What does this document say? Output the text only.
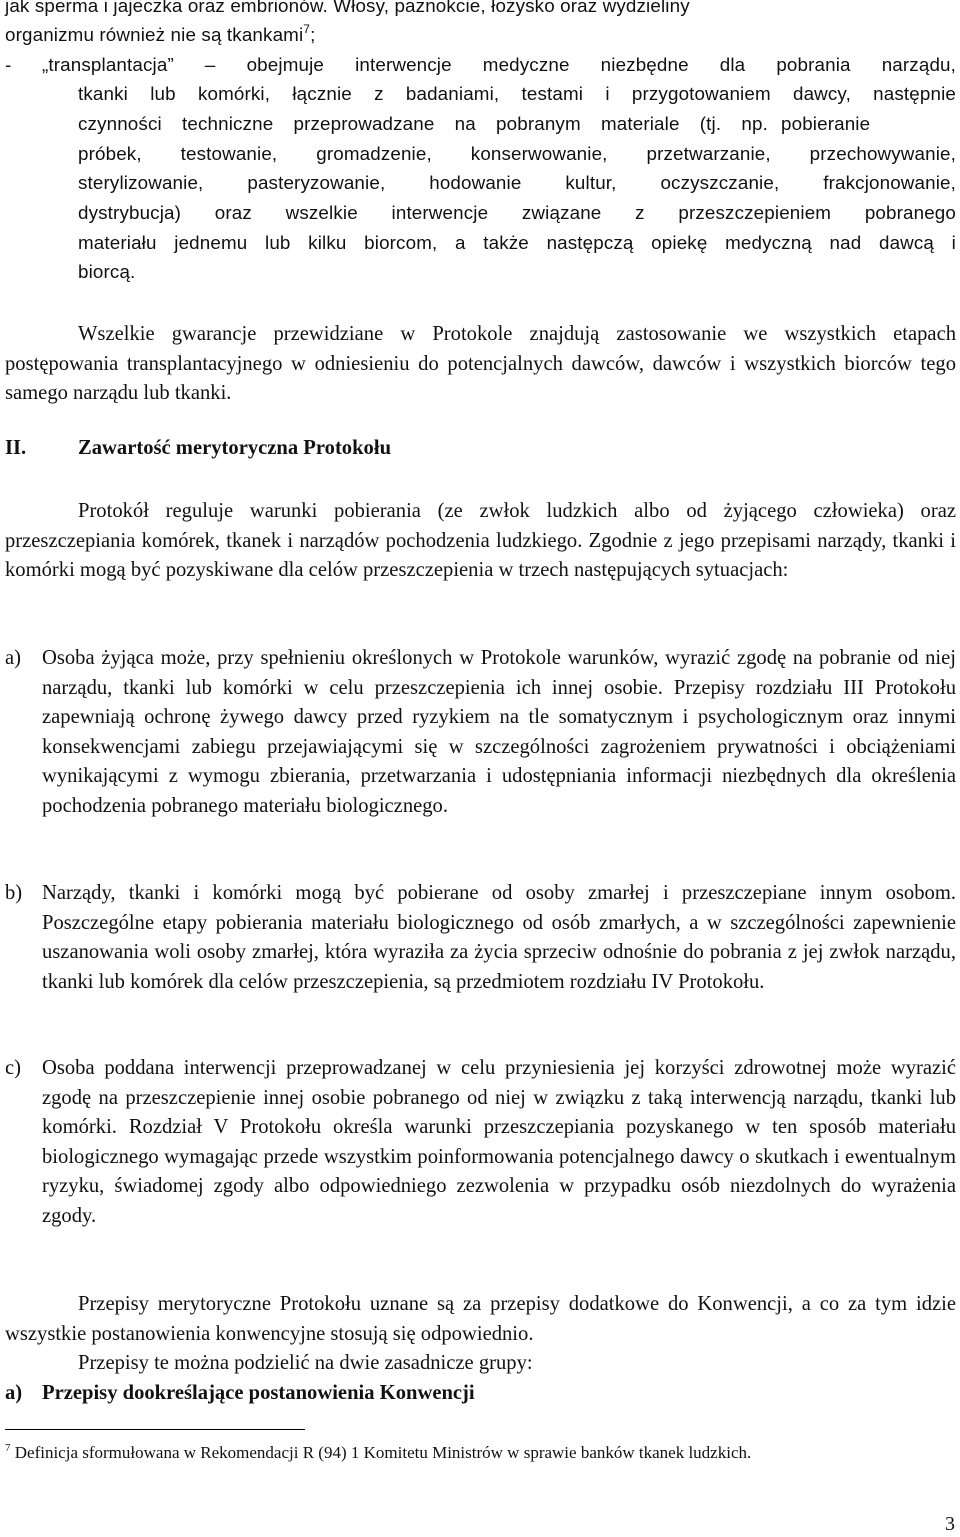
jak sperma i jajeczka oraz embrionów. Włosy, paznokcie, łożysko oraz wydzieliny
organizmu również nie są tkankami$^7$;
- „transplantacja” – obejmuje interwencje medyczne niezbędne dla pobrania narządu,
tkanki lub komórki, łącznie z badaniami, testami i przygotowaniem dawcy, następnie
czynności techniczne przeprowadzane na pobranym materiale (tj. np. pobieranie
próbek, testowanie, gromadzenie, konserwowanie, przetwarzanie, przechowywanie,
sterylizowanie, pasteryzowanie, hodowanie kultur, oczyszczanie, frakcjonowanie,
dystrybucja) oraz wszelkie interwencje związane z przeszczepieniem pobranego
materiału jednemu lub kilku biorcom, a także następczą opiekę medyczną nad dawcą i
biorcą.
Wszelkie gwarancje przewidziane w Protokole znajdują zastosowanie we wszystkich etapach postępowania transplantacyjnego w odniesieniu do potencjalnych dawców, dawców i wszystkich biorców tego samego narządu lub tkanki.
II.	Zawartość merytoryczna Protokołu
Protokół reguluje warunki pobierania (ze zwłok ludzkich albo od żyjącego człowieka) oraz przeszczepiania komórek, tkanek i narządów pochodzenia ludzkiego. Zgodnie z jego przepisami narządy, tkanki i komórki mogą być pozyskiwane dla celów przeszczepienia w trzech następujących sytuacjach:
a) Osoba żyjąca może, przy spełnieniu określonych w Protokole warunków, wyrazić zgodę na pobranie od niej narządu, tkanki lub komórki w celu przeszczepienia ich innej osobie. Przepisy rozdziału III Protokołu zapewniają ochronę żywego dawcy przed ryzykiem na tle somatycznym i psychologicznym oraz innymi konsekwencjami zabiegu przejawiającymi się w szczególności zagrożeniem prywatności i obciążeniami wynikającymi z wymogu zbierania, przetwarzania i udostępniania informacji niezbędnych dla określenia pochodzenia pobranego materiału biologicznego.
b) Narządy, tkanki i komórki mogą być pobierane od osoby zmarłej i przeszczepiane innym osobom. Poszczególne etapy pobierania materiału biologicznego od osób zmarłych, a w szczególności zapewnienie uszanowania woli osoby zmarłej, która wyraziła za życia sprzeciw odnośnie do pobrania z jej zwłok narządu, tkanki lub komórek dla celów przeszczepienia, są przedmiotem rozdziału IV Protokołu.
c) Osoba poddana interwencji przeprowadzanej w celu przyniesienia jej korzyści zdrowotnej może wyrazić zgodę na przeszczepienie innej osobie pobranego od niej w związku z taką interwencją narządu, tkanki lub komórki. Rozdział V Protokołu określa warunki przeszczepiania pozyskanego w ten sposób materiału biologicznego wymagając przede wszystkim poinformowania potencjalnego dawcy o skutkach i ewentualnym ryzyku, świadomej zgody albo odpowiedniego zezwolenia w przypadku osób niezdolnych do wyrażenia zgody.
Przepisy merytoryczne Protokołu uznane są za przepisy dodatkowe do Konwencji, a co za tym idzie wszystkie postanowienia konwencyjne stosują się odpowiednio.
Przepisy te można podzielić na dwie zasadnicze grupy:
a) Przepisy dookreślające postanowienia Konwencji
$^7$ Definicja sformułowana w Rekomendacji R (94) 1 Komitetu Ministrów w sprawie banków tkanek ludzkich.
3
